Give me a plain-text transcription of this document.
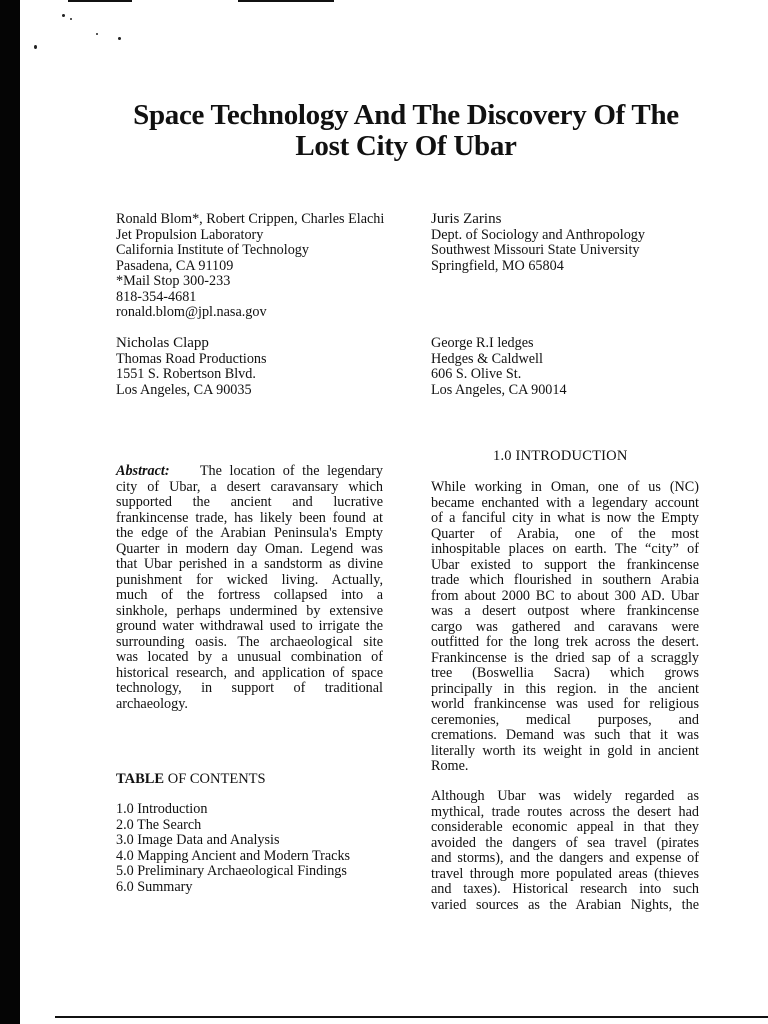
Space Technology And The Discovery Of The
Lost City Of Ubar
Ronald Blom*, Robert Crippen, Charles Elachi
Jet Propulsion Laboratory
California Institute of Technology
Pasadena, CA 91109
*Mail Stop 300-233
818-354-4681
ronald.blom@jpl.nasa.gov
Juris Zarins
Dept. of Sociology and Anthropology
Southwest Missouri State University
Springfield, MO 65804
Nicholas Clapp
Thomas Road Productions
1551 S. Robertson Blvd.
Los Angeles, CA 90035
George R.I ledges
Hedges & Caldwell
606 S. Olive St.
Los Angeles, CA 90014
Abstract: The location of the legendary
city of Ubar, a desert caravansary which
supported the ancient and lucrative
frankincense trade, has likely been found at
the edge of the Arabian Peninsula's Empty
Quarter in modern day Oman. Legend was
that Ubar perished in a sandstorm as divine
punishment for wicked living. Actually,
much of the fortress collapsed into a
sinkhole, perhaps undermined by extensive
ground water withdrawal used to irrigate the
surrounding oasis. The archaeological site
was located by a unusual combination of
historical research, and application of space
technology, in support of traditional
archaeology.
TABLE OF CONTENTS
1.0 Introduction
2.0 The Search
3.0 Image Data and Analysis
4.0 Mapping Ancient and Modern Tracks
5.0 Preliminary Archaeological Findings
6.0 Summary
1.0 INTRODUCTION
While working in Oman, one of us (NC)
became enchanted with a legendary account
of a fanciful city in what is now the Empty
Quarter of Arabia, one of the most
inhospitable places on earth. The “city” of
Ubar existed to support the frankincense
trade which flourished in southern Arabia
from about 2000 BC to about 300 AD. Ubar
was a desert outpost where frankincense
cargo was gathered and caravans were
outfitted for the long trek across the desert.
Frankincense is the dried sap of a scraggly
tree (Boswellia Sacra) which grows
principally in this region. in the ancient
world frankincense was used for religious
ceremonies, medical purposes, and
cremations. Demand was such that it was
literally worth its weight in gold in ancient
Rome.
Although Ubar was widely regarded as
mythical, trade routes across the desert had
considerable economic appeal in that they
avoided the dangers of sea travel (pirates
and storms), and the dangers and expense of
travel through more populated areas (thieves
and taxes). Historical research into such
varied sources as the Arabian Nights, the
